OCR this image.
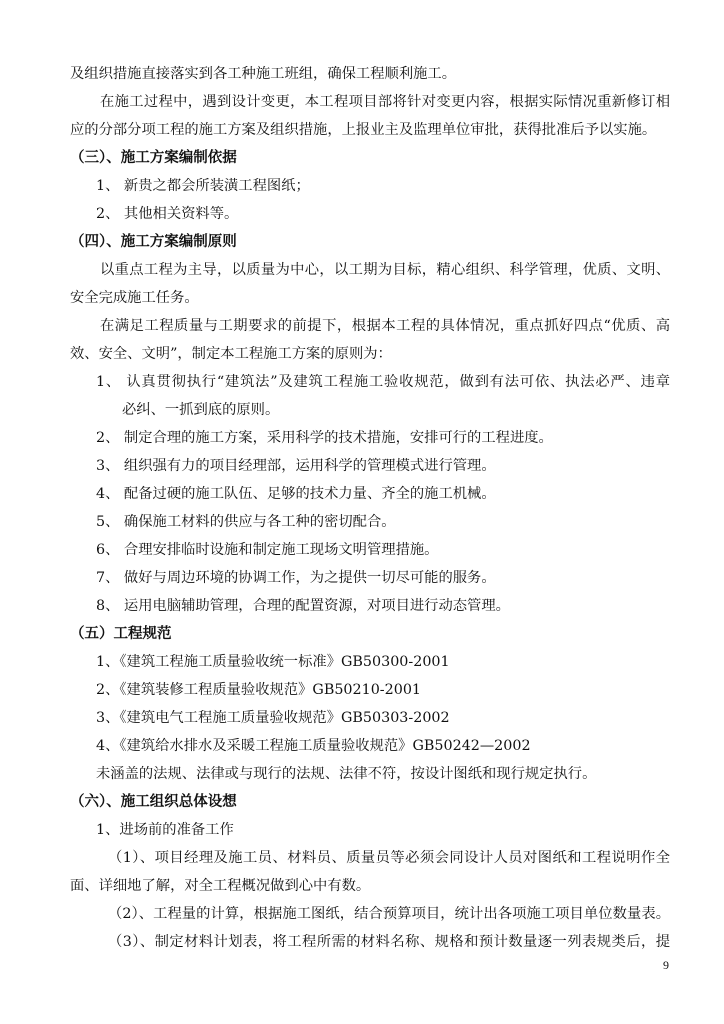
及组织措施直接落实到各工种施工班组，确保工程顺利施工。
在施工过程中，遇到设计变更，本工程项目部将针对变更内容，根据实际情况重新修订相
应的分部分项工程的施工方案及组织措施，上报业主及监理单位审批，获得批准后予以实施。
（三）、施工方案编制依据
1、 新贵之都会所装潢工程图纸；
2、 其他相关资料等。
（四）、施工方案编制原则
以重点工程为主导，以质量为中心，以工期为目标，精心组织、科学管理，优质、文明、
安全完成施工任务。
在满足工程质量与工期要求的前提下，根据本工程的具体情况，重点抓好四点“优质、高
效、安全、文明”，制定本工程施工方案的原则为：
1、 认真贯彻执行“建筑法”及建筑工程施工验收规范，做到有法可依、执法必严、违章
必纠、一抓到底的原则。
2、 制定合理的施工方案，采用科学的技术措施，安排可行的工程进度。
3、 组织强有力的项目经理部，运用科学的管理模式进行管理。
4、 配备过硬的施工队伍、足够的技术力量、齐全的施工机械。
5、 确保施工材料的供应与各工种的密切配合。
6、 合理安排临时设施和制定施工现场文明管理措施。
7、 做好与周边环境的协调工作，为之提供一切尽可能的服务。
8、 运用电脑辅助管理，合理的配置资源，对项目进行动态管理。
（五）工程规范
1、《建筑工程施工质量验收统一标准》GB50300-2001
2、《建筑装修工程质量验收规范》GB50210-2001
3、《建筑电气工程施工质量验收规范》GB50303-2002
4、《建筑给水排水及采暖工程施工质量验收规范》GB50242—2002
未涵盖的法规、法律或与现行的法规、法律不符，按设计图纸和现行规定执行。
（六）、施工组织总体设想
1、进场前的准备工作
（1）、项目经理及施工员、材料员、质量员等必须会同设计人员对图纸和工程说明作全
面、详细地了解，对全工程概况做到心中有数。
（2）、工程量的计算，根据施工图纸，结合预算项目，统计出各项施工项目单位数量表。
（3）、制定材料计划表，将工程所需的材料名称、规格和预计数量逐一列表规类后，提
9
